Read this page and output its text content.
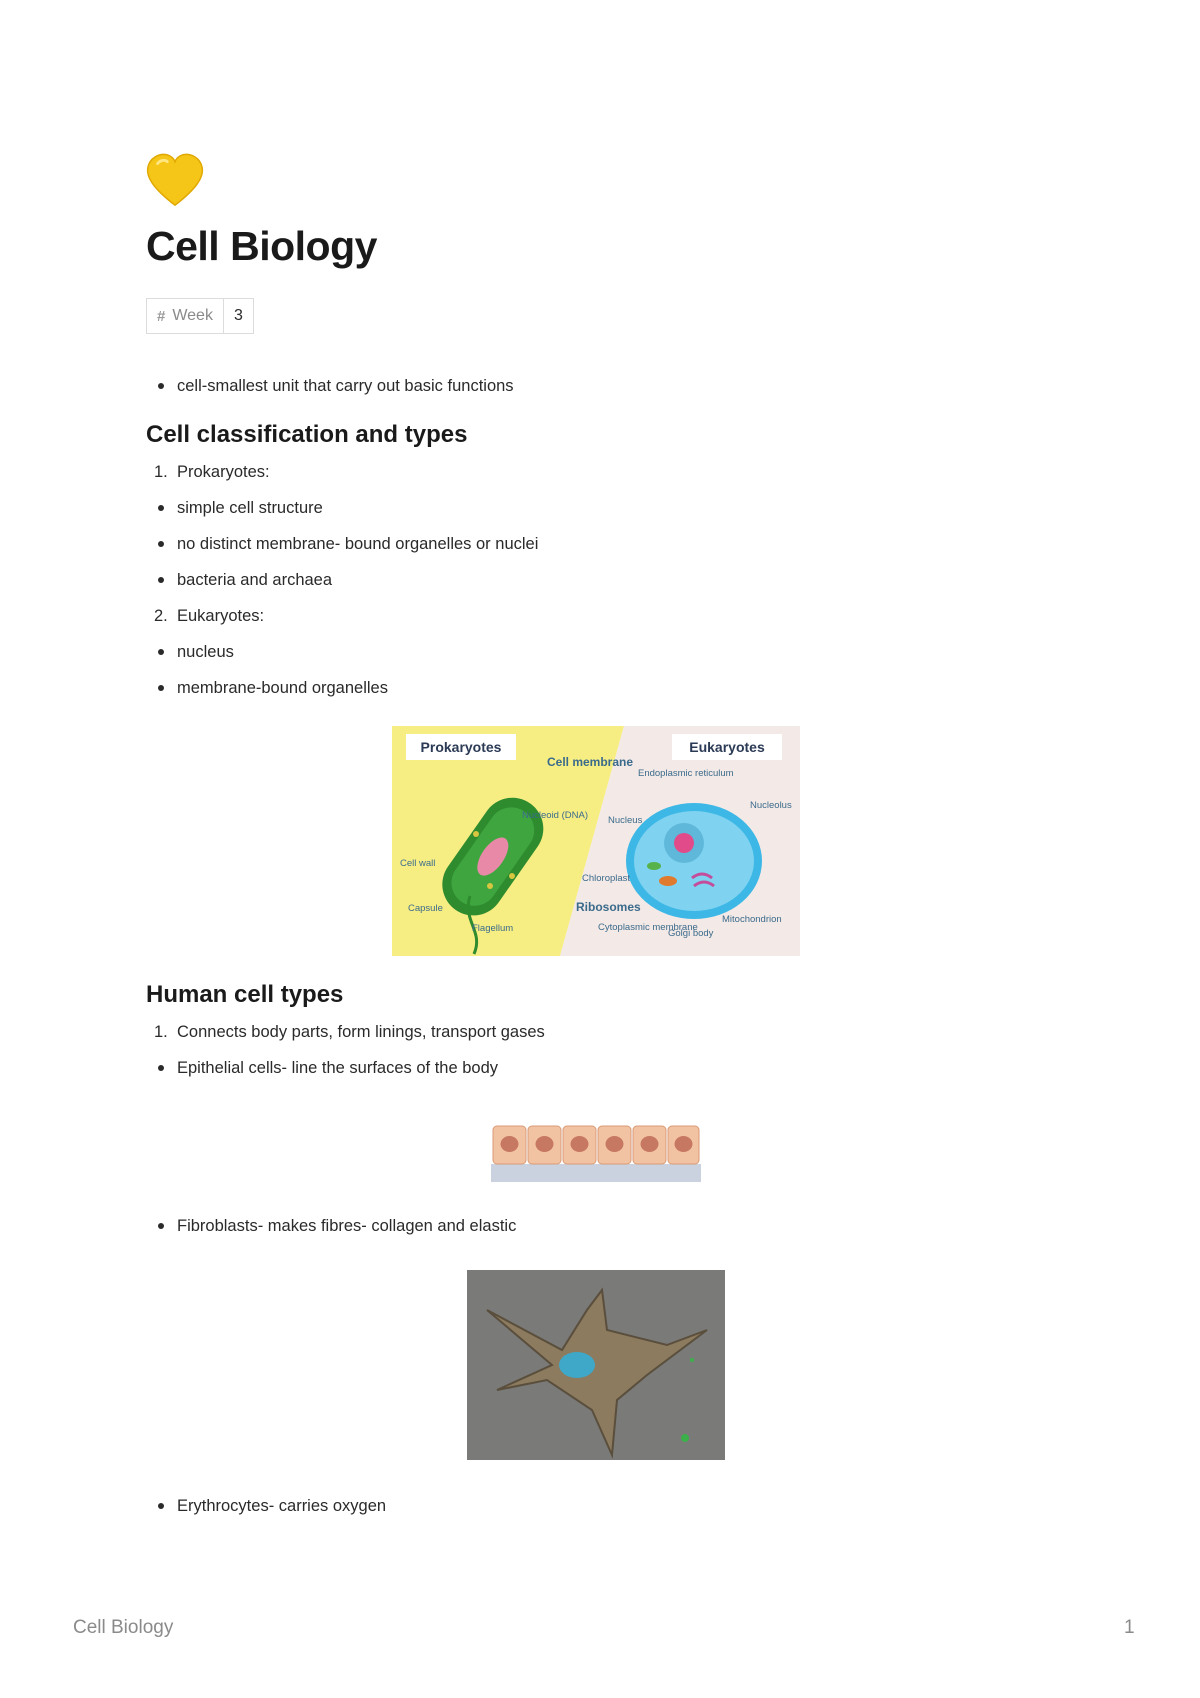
Cell Biology
# Week	3
cell-smallest unit that carry out basic functions
Cell classification and types
1. Prokaryotes:
simple cell structure
no distinct membrane- bound organelles or nuclei
bacteria and archaea
2. Eukaryotes:
nucleus
membrane-bound organelles
Prokaryotes	Eukaryotes
Cell membrane
Nucleoid (DNA)
Cell wall
Capsule
Flagellum
Ribosomes
Endoplasmic reticulum
Nucleolus
Nucleus
Chloroplast
Cytoplasmic membrane
Golgi body
Mitochondrion
Human cell types
1. Connects body parts, form linings, transport gases
Epithelial cells- line the surfaces of the body
Fibroblasts- makes fibres- collagen and elastic
Erythrocytes- carries oxygen
Cell Biology	1
